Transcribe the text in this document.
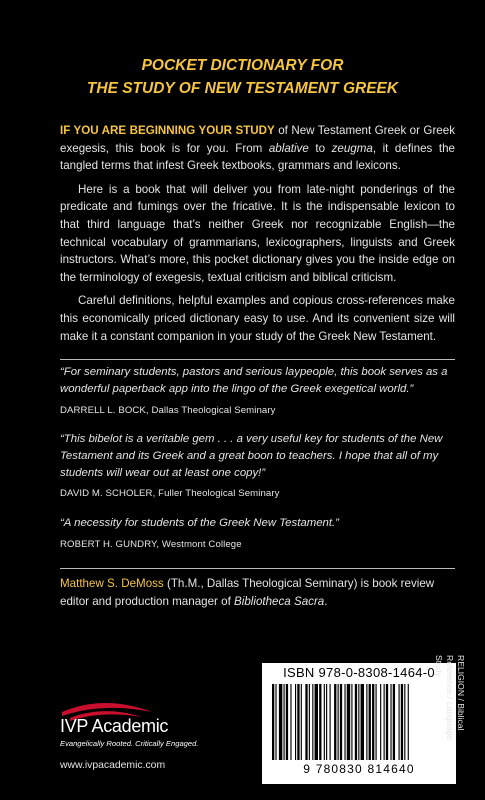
POCKET DICTIONARY FOR
THE STUDY OF NEW TESTAMENT GREEK

IF YOU ARE BEGINNING YOUR STUDY of New Testament Greek or Greek exegesis, this book is for you. From ablative to zeugma, it defines the tangled terms that infest Greek textbooks, grammars and lexicons.

Here is a book that will deliver you from late-night ponderings of the predicate and fumings over the fricative. It is the indispensable lexicon to that third language that’s neither Greek nor recognizable English—the technical vocabulary of grammarians, lexicographers, linguists and Greek instructors. What’s more, this pocket dictionary gives you the inside edge on the terminology of exegesis, textual criticism and biblical criticism.

Careful definitions, helpful examples and copious cross-references make this economically priced dictionary easy to use. And its convenient size will make it a constant companion in your study of the Greek New Testament.

“For seminary students, pastors and serious laypeople, this book serves as a wonderful paperback app into the lingo of the Greek exegetical world.”

DARRELL L. BOCK, Dallas Theological Seminary

“This bibelot is a veritable gem . . . a very useful key for students of the New Testament and its Greek and a great boon to teachers. I hope that all of my students will wear out at least one copy!”

DAVID M. SCHOLER, Fuller Theological Seminary

“A necessity for students of the Greek New Testament.”

ROBERT H. GUNDRY, Westmont College
Matthew S. DeMoss (Th.M., Dallas Theological Seminary) is book review editor and production manager of Bibliotheca Sacra.
ISBN 978-0-8308-1464-0
9 780830 814640
RELIGION / Biblical Reference / Language Study
IVP Academic
Evangelically Rooted. Critically Engaged.
www.ivpacademic.com
